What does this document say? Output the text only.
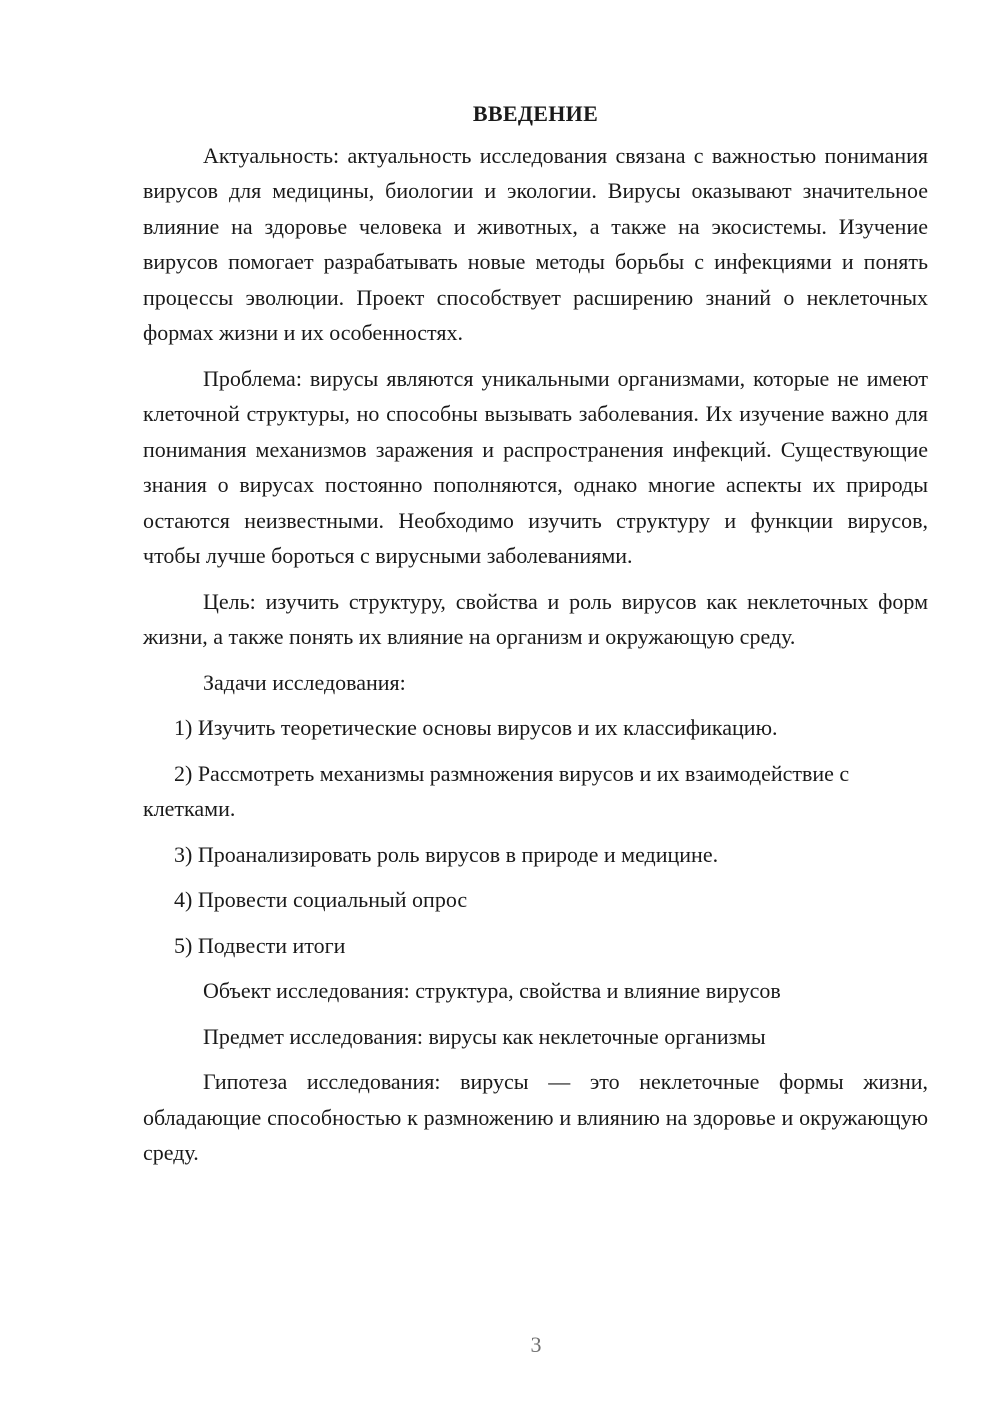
ВВЕДЕНИЕ

Актуальность: актуальность исследования связана с важностью понимания вирусов для медицины, биологии и экологии. Вирусы оказывают значительное влияние на здоровье человека и животных, а также на экосистемы. Изучение вирусов помогает разрабатывать новые методы борьбы с инфекциями и понять процессы эволюции. Проект способствует расширению знаний о неклеточных формах жизни и их особенностях.

Проблема: вирусы являются уникальными организмами, которые не имеют клеточной структуры, но способны вызывать заболевания. Их изучение важно для понимания механизмов заражения и распространения инфекций. Существующие знания о вирусах постоянно пополняются, однако многие аспекты их природы остаются неизвестными. Необходимо изучить структуру и функции вирусов, чтобы лучше бороться с вирусными заболеваниями.

Цель: изучить структуру, свойства и роль вирусов как неклеточных форм жизни, а также понять их влияние на организм и окружающую среду.

Задачи исследования:

1) Изучить теоретические основы вирусов и их классификацию.

2) Рассмотреть механизмы размножения вирусов и их взаимодействие с клетками.

3) Проанализировать роль вирусов в природе и медицине.

4) Провести социальный опрос

5) Подвести итоги

Объект исследования: структура, свойства и влияние вирусов

Предмет исследования: вирусы как неклеточные организмы

Гипотеза исследования: вирусы — это неклеточные формы жизни, обладающие способностью к размножению и влиянию на здоровье и окружающую среду.

3
